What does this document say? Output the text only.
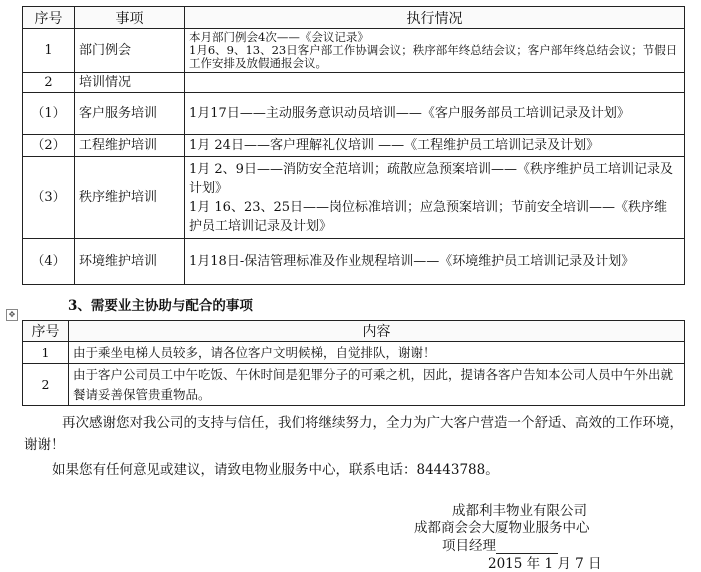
序号	事项	执行情况
1	部门例会	本月部门例会4次——《会议记录》
1月6、9、13、23日客户部工作协调会议；秩序部年终总结会议；客户部年终总结会议；节假日工作安排及放假通报会议。

2	培训情况	
（1）	客户服务培训	1月17日——主动服务意识动员培训——《客户服务部员工培训记录及计划》
（2）	工程维护培训	1月 24日——客户理解礼仪培训 ——《工程维护员工培训记录及计划》
（3）	秩序维护培训	1月 2、9日——消防安全范培训；疏散应急预案培训——《秩序维护员工培训记录及计划》
1月 16、23、25日——岗位标准培训；应急预案培训；节前安全培训——《秩序维护员工培训记录及计划》

（4）	环境维护培训	1月18日-保洁管理标准及作业规程培训——《环境维护员工培训记录及计划》
3、需要业主协助与配合的事项
✥
序号	内容
1	由于乘坐电梯人员较多，请各位客户文明候梯，自觉排队，谢谢！
2	由于客户公司员工中午吃饭、午休时间是犯罪分子的可乘之机，因此，提请各客户告知本公司人员中午外出就餐请妥善保管贵重物品。
再次感谢您对我公司的支持与信任，我们将继续努力，全力为广大客户营造一个舒适、高效的工作环境，谢谢！
如果您有任何意见或建议，请致电物业服务中心，联系电话：84443788。
成都利丰物业有限公司
成都商会会大厦物业服务中心
项目经理
2015 年 1 月 7 日
